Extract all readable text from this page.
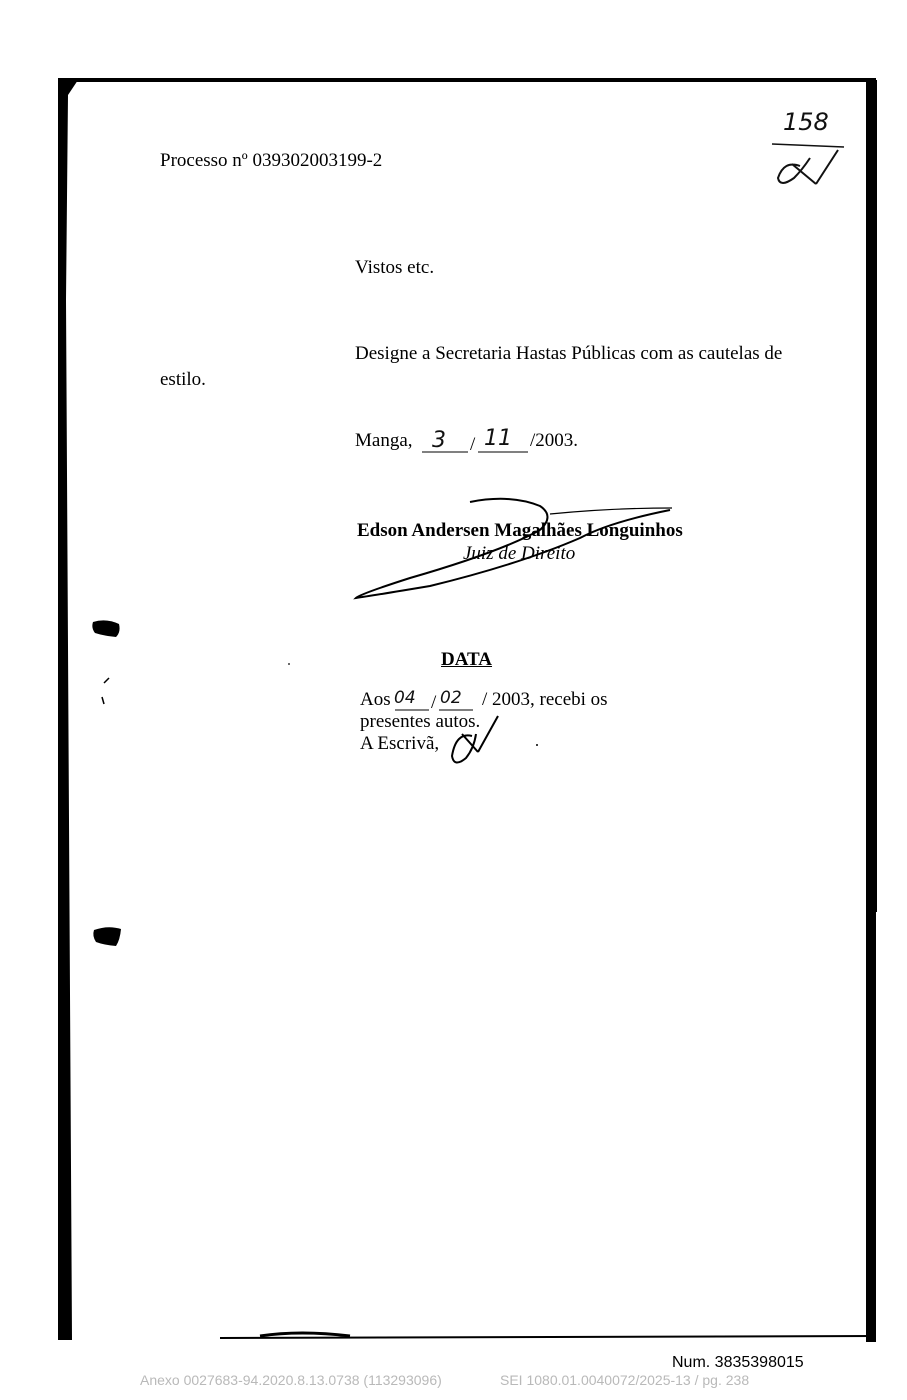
Processo nº 039302003199-2
158
Vistos etc.
Designe a Secretaria Hastas Públicas com as cautelas de
estilo.
Manga,	/
3 11 /2003.
Edson Andersen Magalhães Longuinhos
Juiz de Direito
DATA
Aos /
04 02 / 2003, recebi os
presentes autos.
A Escrivã,
Num. 3835398015
Anexo 0027683-94.2020.8.13.0738 (113293096)	SEI 1080.01.0040072/2025-13 / pg. 238
